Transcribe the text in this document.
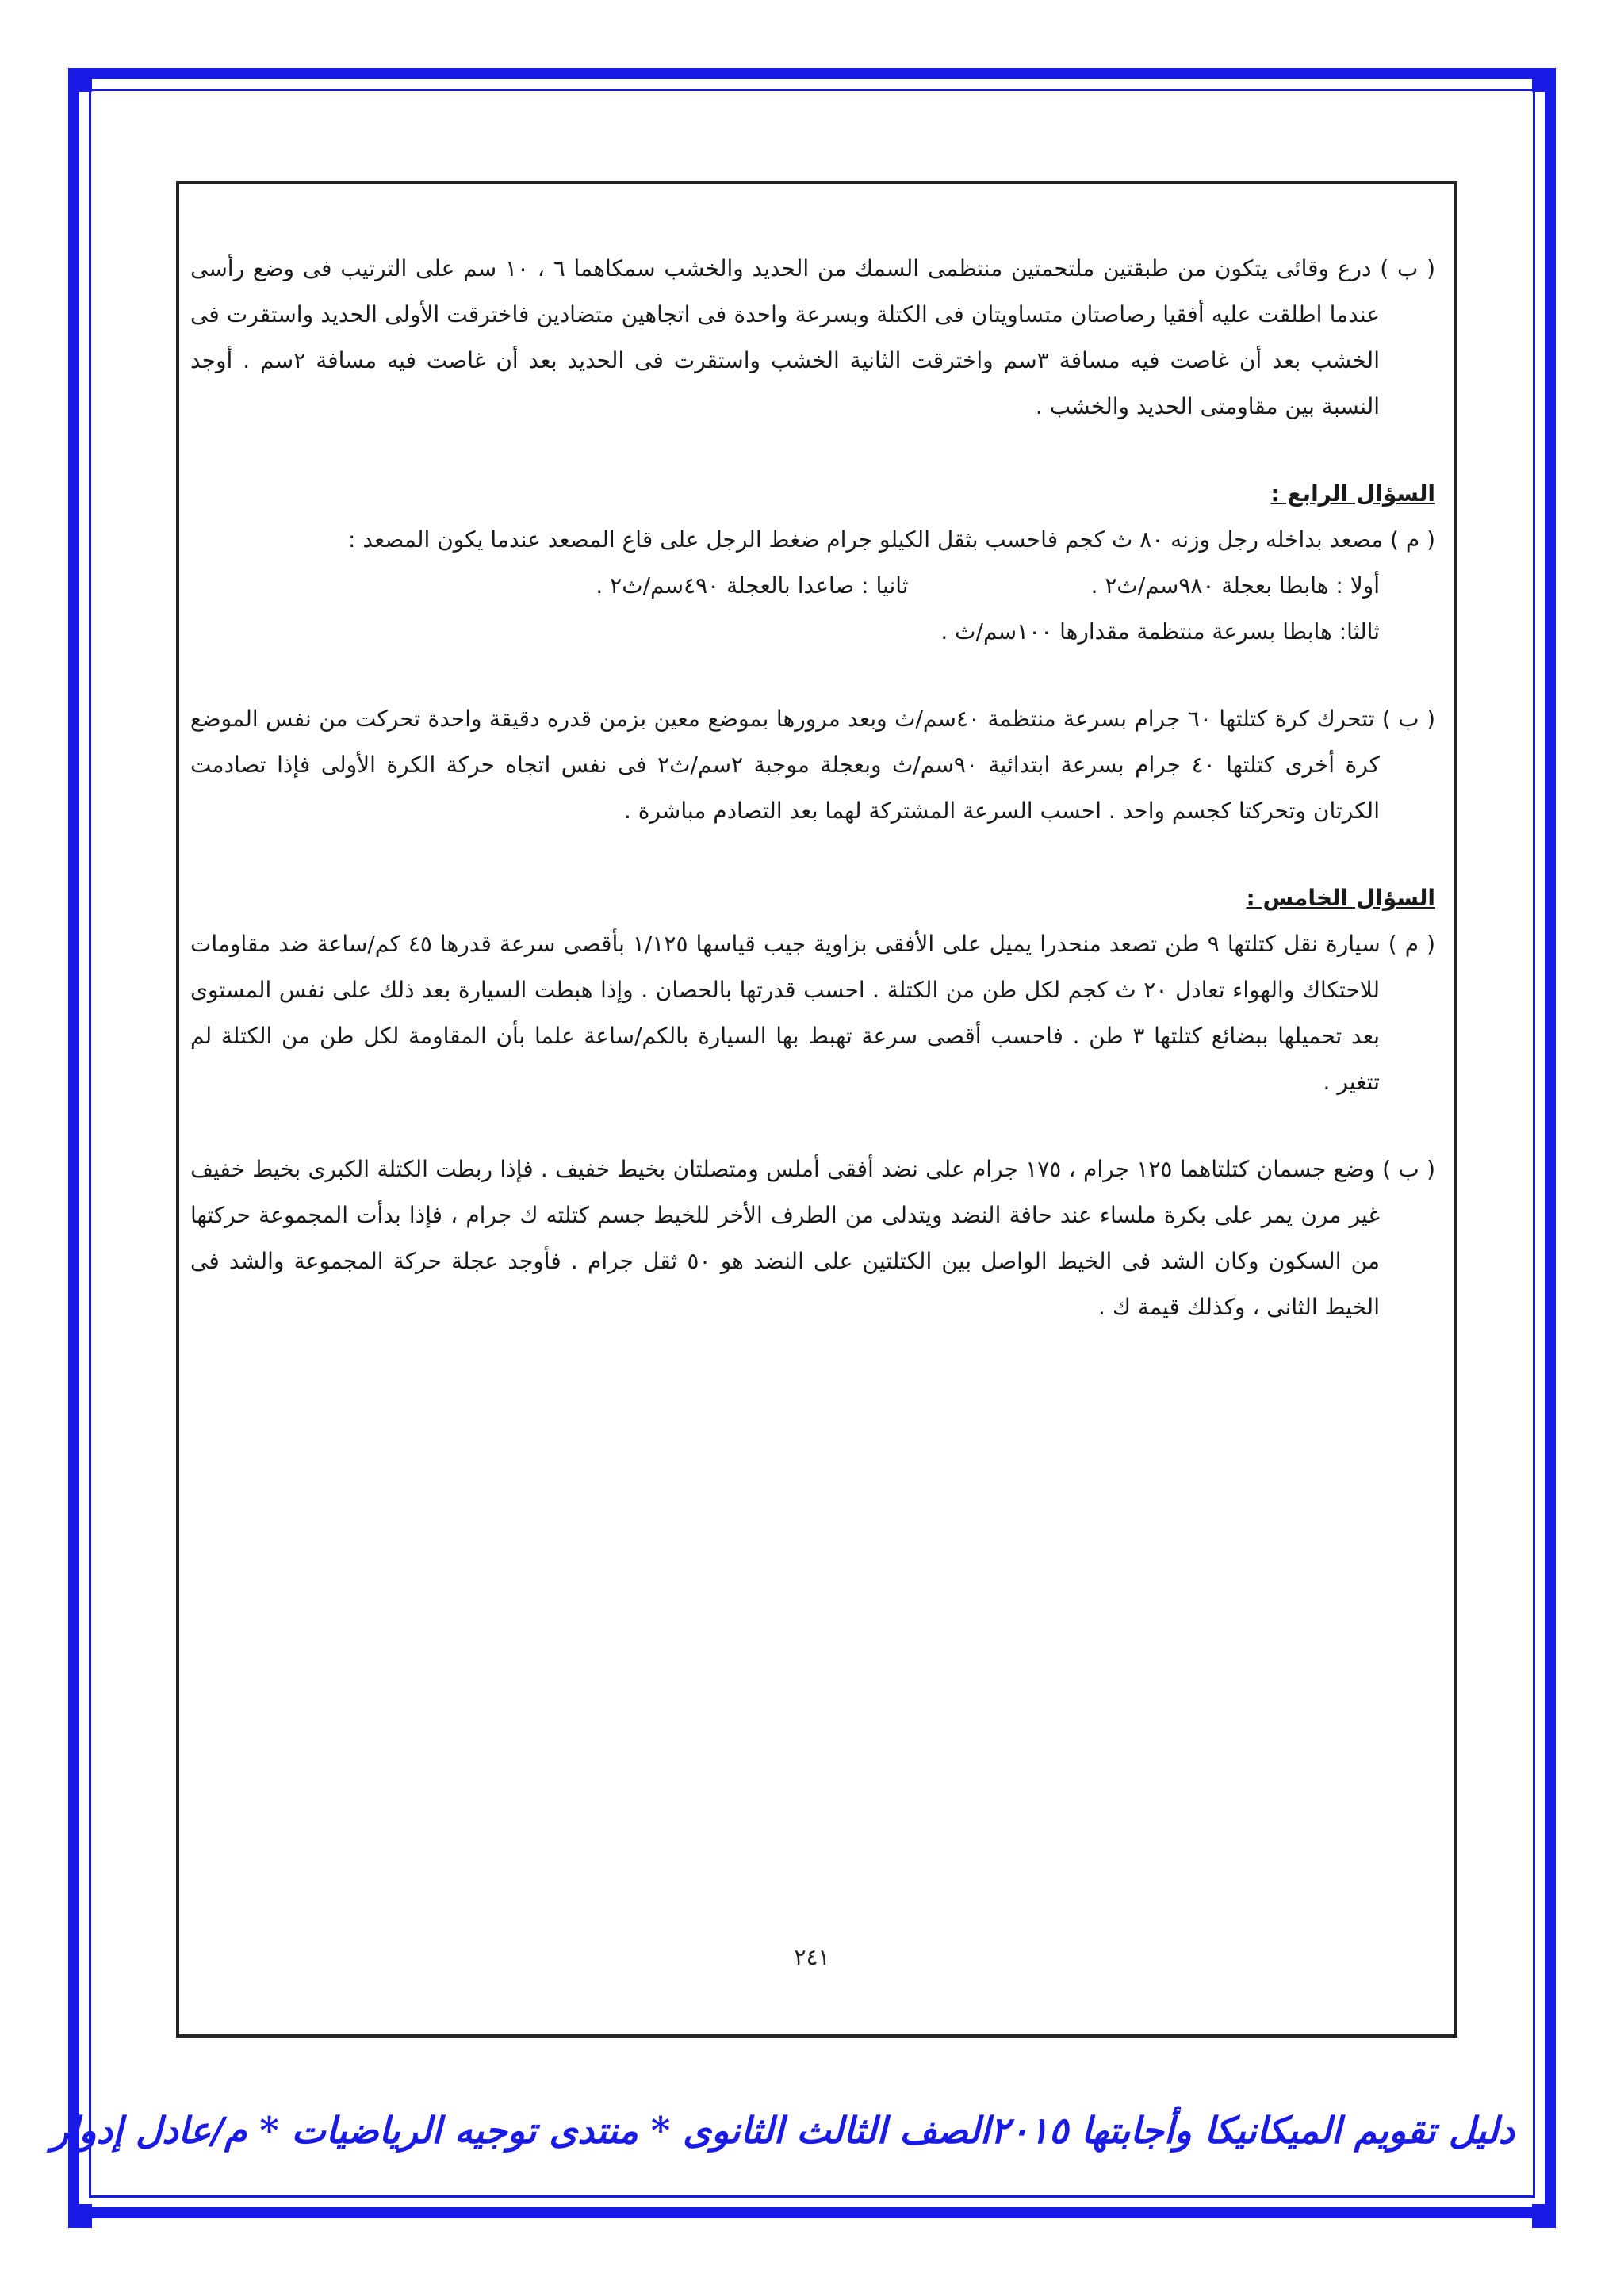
( ب ) درع وقائى يتكون من طبقتين ملتحمتين منتظمى السمك من الحديد والخشب سمكاهما ٦ ، ١٠ سم على الترتيب فى وضع رأسى عندما اطلقت عليه أفقيا رصاصتان متساويتان فى الكتلة وبسرعة واحدة فى اتجاهين متضادين فاخترقت الأولى الحديد واستقرت فى الخشب بعد أن غاصت فيه مسافة ٣سم واخترقت الثانية الخشب واستقرت فى الحديد بعد أن غاصت فيه مسافة ٢سم . أوجد النسبة بين مقاومتى الحديد والخشب .

السؤال الرابع :

( م ) مصعد بداخله رجل وزنه ٨٠ ث كجم فاحسب بثقل الكيلو جرام ضغط الرجل على قاع المصعد عندما يكون المصعد :

أولا : هابطا بعجلة ٩٨٠سم/ث٢ .
ثانيا : صاعدا بالعجلة ٤٩٠سم/ث٢ .

ثالثا: هابطا بسرعة منتظمة مقدارها ١٠٠سم/ث .

( ب ) تتحرك كرة كتلتها ٦٠ جرام بسرعة منتظمة ٤٠سم/ث وبعد مرورها بموضع معين بزمن قدره دقيقة واحدة تحركت من نفس الموضع كرة أخرى كتلتها ٤٠ جرام بسرعة ابتدائية ٩٠سم/ث وبعجلة موجبة ٢سم/ث٢ فى نفس اتجاه حركة الكرة الأولى فإذا تصادمت الكرتان وتحركتا كجسم واحد . احسب السرعة المشتركة لهما بعد التصادم مباشرة .

السؤال الخامس :

( م ) سيارة نقل كتلتها ٩ طن تصعد منحدرا يميل على الأفقى بزاوية جيب قياسها ١/١٢٥ بأقصى سرعة قدرها ٤٥ كم/ساعة ضد مقاومات للاحتكاك والهواء تعادل ٢٠ ث كجم لكل طن من الكتلة . احسب قدرتها بالحصان . وإذا هبطت السيارة بعد ذلك على نفس المستوى بعد تحميلها ببضائع كتلتها ٣ طن . فاحسب أقصى سرعة تهبط بها السيارة بالكم/ساعة علما بأن المقاومة لكل طن من الكتلة لم تتغير .

( ب ) وضع جسمان كتلتاهما ١٢٥ جرام ، ١٧٥ جرام على نضد أفقى أملس ومتصلتان بخيط خفيف . فإذا ربطت الكتلة الكبرى بخيط خفيف غير مرن يمر على بكرة ملساء عند حافة النضد ويتدلى من الطرف الأخر للخيط جسم كتلته ك جرام ، فإذا بدأت المجموعة حركتها من السكون وكان الشد فى الخيط الواصل بين الكتلتين على النضد هو ٥٠ ثقل جرام . فأوجد عجلة حركة المجموعة والشد فى الخيط الثانى ، وكذلك قيمة ك .

٢٤١
دليل تقويم الميكانيكا وأجابتها ٢٠١٥الصف الثالث الثانوى * منتدى توجيه الرياضيات * م/عادل إدوار
